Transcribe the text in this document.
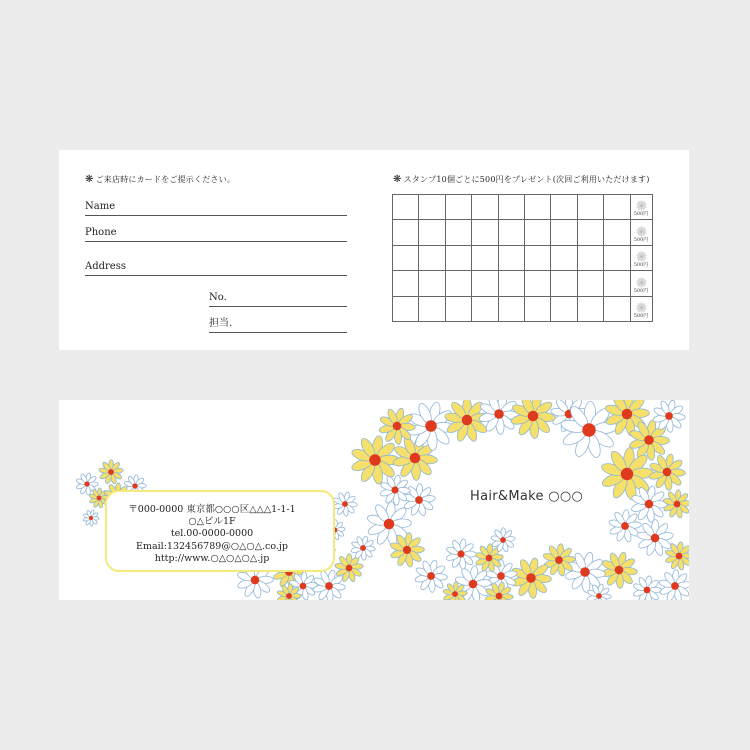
❋ ご来店時にカードをご提示ください。
Name
Phone
Address
No.
担当.
❋ スタンプ10個ごとに500円をプレゼント(次回ご利用いただけます)

									500円

									500円

									500円

									500円

									500円
〒000-0000 東京都○○○区△△△1-1-1
○△ビル1F
tel.00-0000-0000
Email:132456789@○△○△.co.jp
http://www.○△○△○△.jp
Hair&Make ○○○
